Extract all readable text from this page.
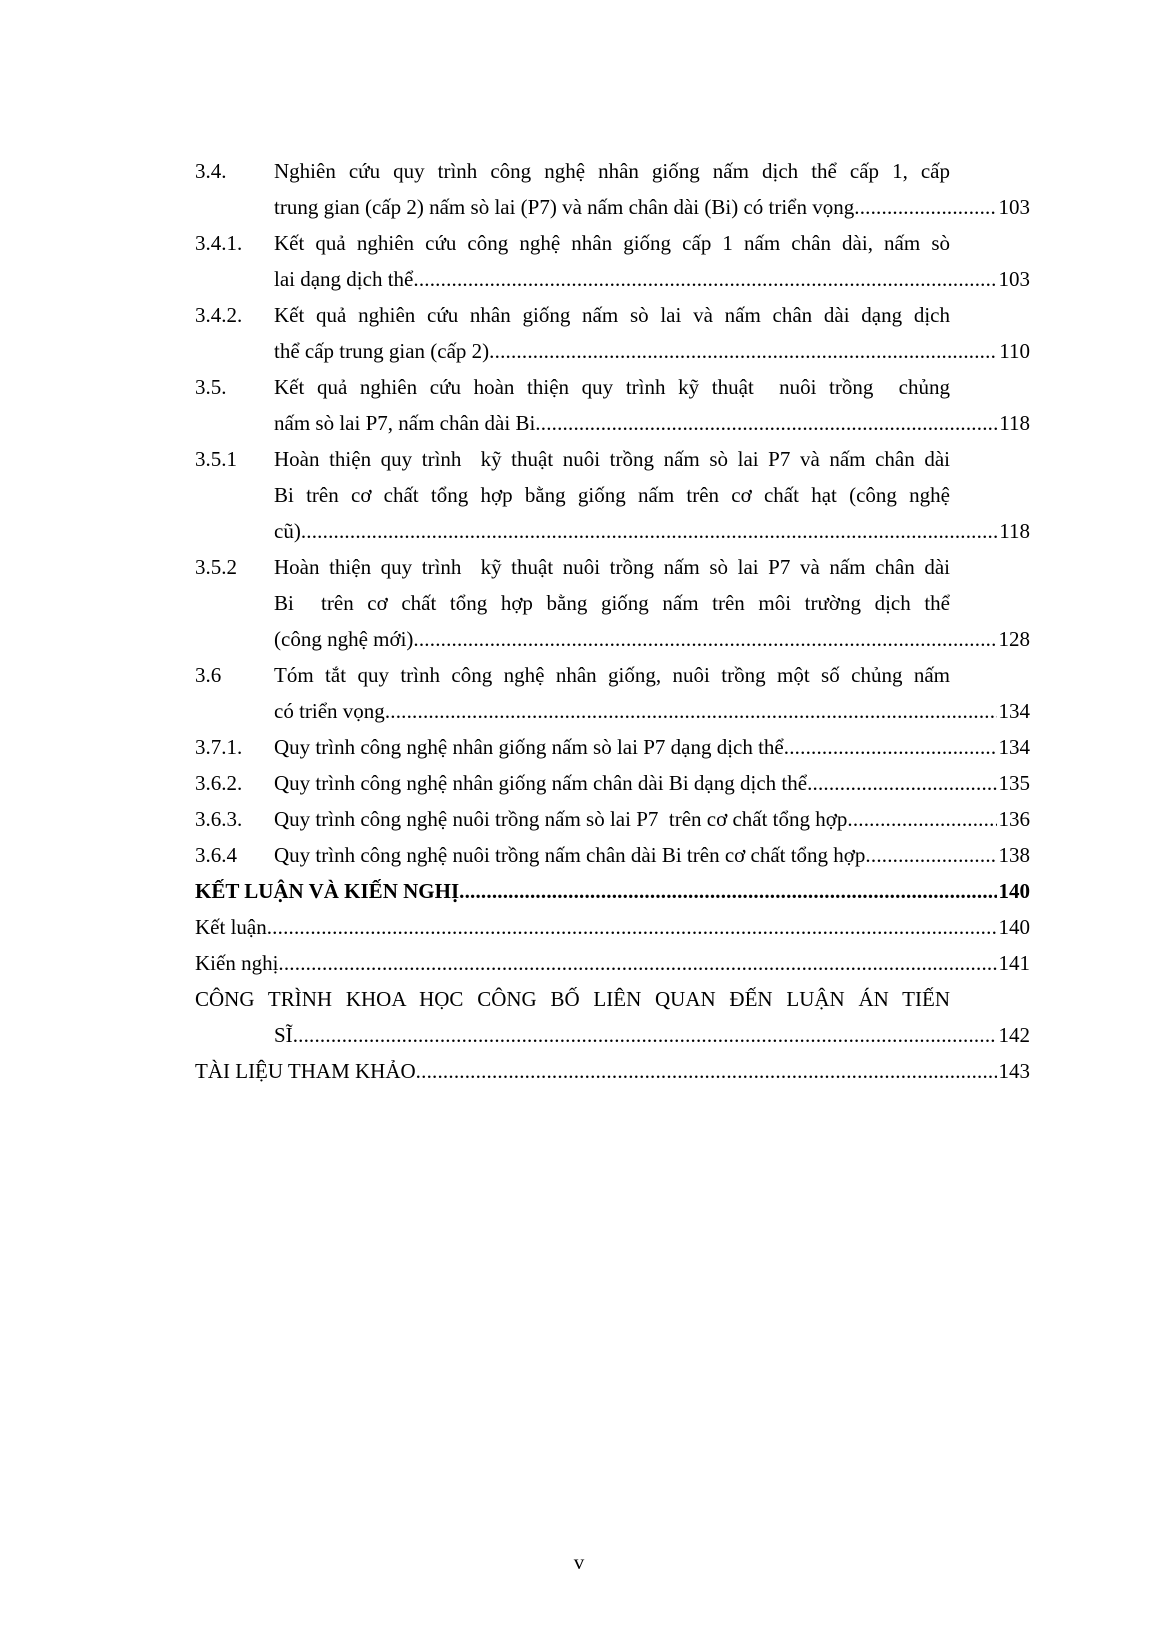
3.4. Nghiên cứu quy trình công nghệ nhân giống nấm dịch thể cấp 1, cấp
trung gian (cấp 2) nấm sò lai (P7) và nấm chân dài (Bi) có triển vọng .....	103
3.4.1. Kết quả nghiên cứu công nghệ nhân giống cấp 1 nấm chân dài, nấm sò
lai dạng dịch thể .....	103
3.4.2. Kết quả nghiên cứu nhân giống nấm sò lai và nấm chân dài dạng dịch
thể cấp trung gian (cấp 2) .....	110
3.5. Kết quả nghiên cứu hoàn thiện quy trình kỹ thuật  nuôi trồng  chủng
nấm sò lai P7, nấm chân dài Bi .....	118
3.5.1 Hoàn thiện quy trình  kỹ thuật nuôi trồng nấm sò lai P7 và nấm chân dài
Bi trên cơ chất tổng hợp bằng giống nấm trên cơ chất hạt (công nghệ
cũ) .....	118
3.5.2 Hoàn thiện quy trình  kỹ thuật nuôi trồng nấm sò lai P7 và nấm chân dài
Bi  trên cơ chất tổng hợp bằng giống nấm trên môi trường dịch thể
(công nghệ mới) .....	128
3.6	Tóm tắt quy trình công nghệ nhân giống, nuôi trồng một số chủng nấm
có triển vọng .....	134
3.7.1. Quy trình công nghệ nhân giống nấm sò lai P7 dạng dịch thể .....	134
3.6.2. Quy trình công nghệ nhân giống nấm chân dài Bi dạng dịch thể .....	135
3.6.3. Quy trình công nghệ nuôi trồng nấm sò lai P7  trên cơ chất tổng hợp .....	136
3.6.4 Quy trình công nghệ nuôi trồng nấm chân dài Bi trên cơ chất tổng hợp .....	138
KẾT LUẬN VÀ KIẾN NGHỊ .....	140
Kết luận .....	140
Kiến nghị .....	141
CÔNG TRÌNH KHOA HỌC CÔNG BỐ LIÊN QUAN ĐẾN LUẬN ÁN TIẾN
SĨ .....	142
TÀI LIỆU THAM KHẢO .....	143
v
